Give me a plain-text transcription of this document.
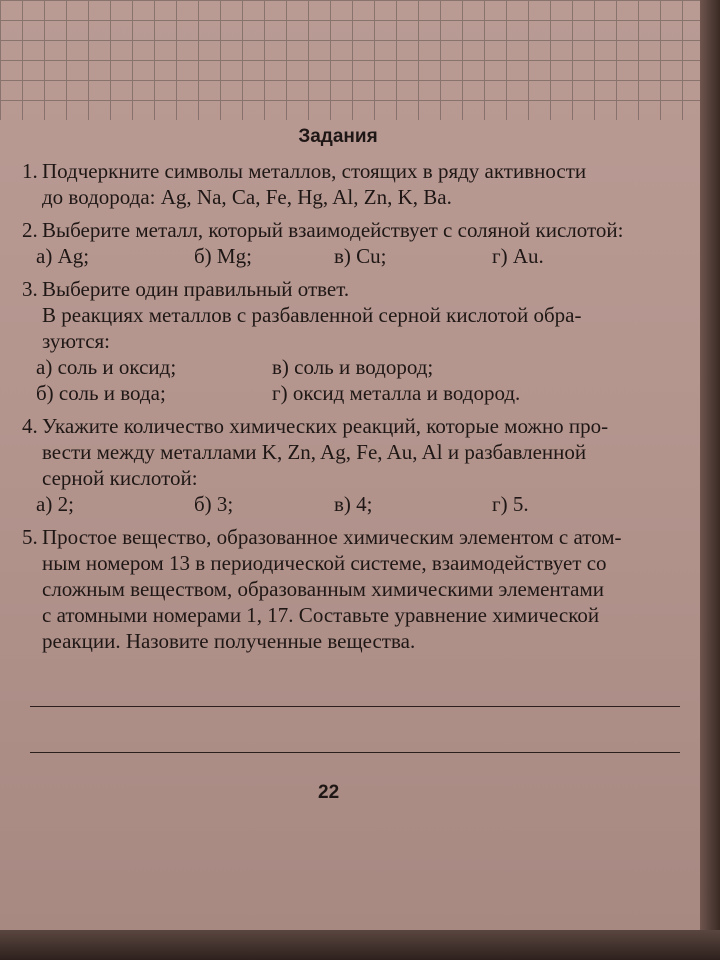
Задания
1. Подчеркните символы металлов, стоящих в ряду активности
до водорода: Ag, Na, Ca, Fe, Hg, Al, Zn, K, Ba.
2. Выберите металл, который взаимодействует с соляной кислотой:
а) Ag;	б) Mg;	в) Cu;	г) Au.
3. Выберите один правильный ответ.
В реакциях металлов с разбавленной серной кислотой обра-
зуются:
а) соль и оксид;	в) соль и водород;
б) соль и вода;	г) оксид металла и водород.
4. Укажите количество химических реакций, которые можно про-
вести между металлами K, Zn, Ag, Fe, Au, Al и разбавленной
серной кислотой:
а) 2;	б) 3;	в) 4;	г) 5.
5. Простое вещество, образованное химическим элементом с атом-
ным номером 13 в периодической системе, взаимодействует со
сложным веществом, образованным химическими элементами
с атомными номерами 1, 17. Составьте уравнение химической
реакции. Назовите полученные вещества.
22
